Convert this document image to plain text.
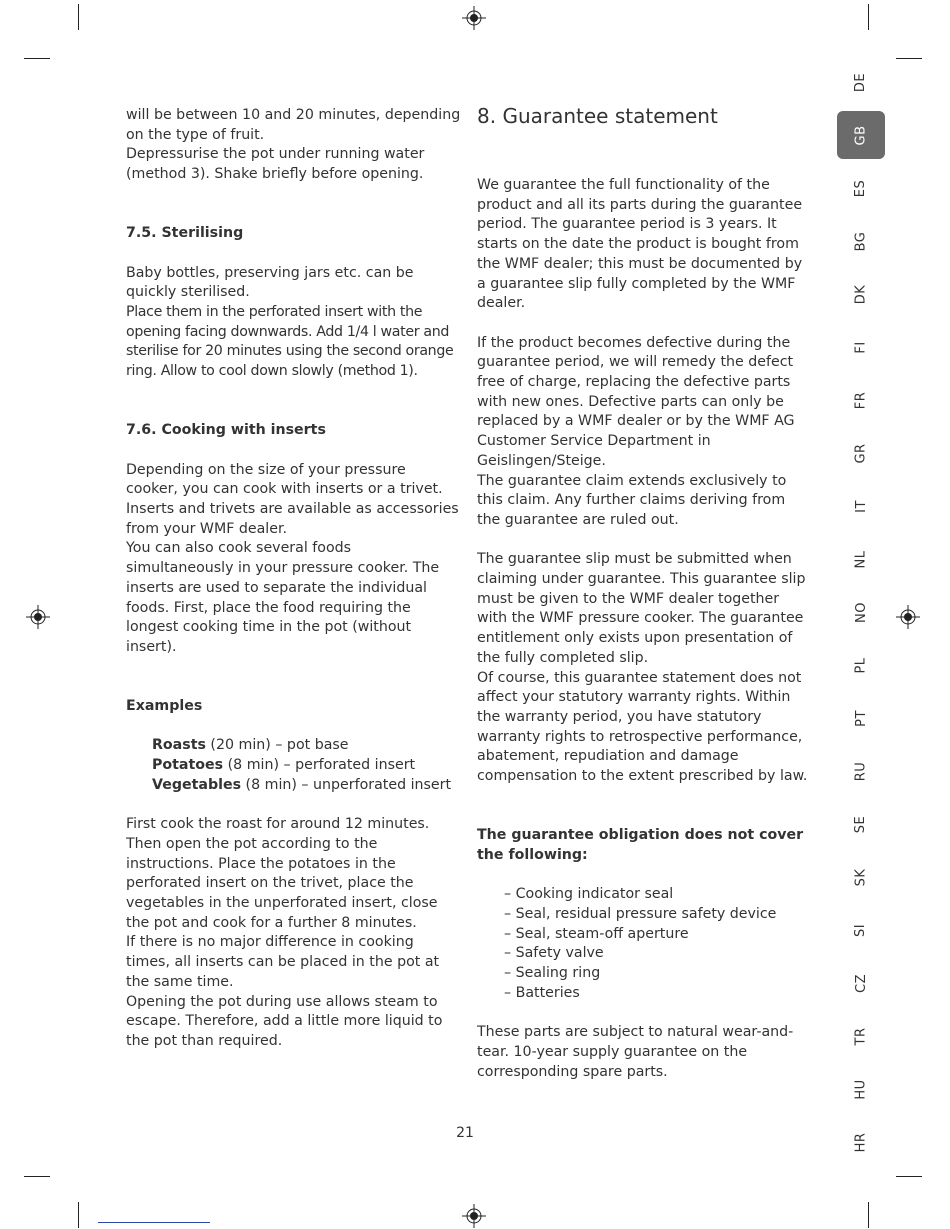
will be between 10 and 20 minutes, depending on the type of fruit.

Depressurise the pot under running water (method 3). Shake briefly before opening.

7.5. Sterilising

Baby bottles, preserving jars etc. can be quickly sterilised.

Place them in the perforated insert with the opening facing downwards. Add 1/4 l water and sterilise for 20 minutes using the second orange ring. Allow to cool down slowly (method 1).

7.6. Cooking with inserts

Depending on the size of your pressure cooker, you can cook with inserts or a trivet. Inserts and trivets are available as accessories from your WMF dealer.

You can also cook several foods simultaneously in your pressure cooker. The inserts are used to separate the individual foods. First, place the food requiring the longest cooking time in the pot (without insert).

Examples

Roasts (20 min) – pot base

Potatoes (8 min) – perforated insert

Vegetables (8 min) – unperforated insert

First cook the roast for around 12 minutes. Then open the pot according to the instructions. Place the potatoes in the perforated insert on the trivet, place the vegetables in the unperforated insert, close the pot and cook for a further 8 minutes.

If there is no major difference in cooking times, all inserts can be placed in the pot at the same time.

Opening the pot during use allows steam to escape. Therefore, add a little more liquid to the pot than required.

8. Guarantee statement

We guarantee the full functionality of the product and all its parts during the guarantee period. The guarantee period is 3 years. It starts on the date the product is bought from the WMF dealer; this must be documented by a guarantee slip fully completed by the WMF dealer.

If the product becomes defective during the guarantee period, we will remedy the defect free of charge, replacing the defective parts with new ones. Defective parts can only be replaced by a WMF dealer or by the WMF AG Customer Service Department in Geislingen/Steige.

The guarantee claim extends exclusively to this claim. Any further claims deriving from the guarantee are ruled out.

The guarantee slip must be submitted when claiming under guarantee. This guarantee slip must be given to the WMF dealer together with the WMF pressure cooker. The guarantee entitlement only exists upon presentation of the fully completed slip.

Of course, this guarantee statement does not affect your statutory warranty rights. Within the warranty period, you have statutory warranty rights to retrospective performance, abatement, repudiation and damage compensation to the extent prescribed by law.

The guarantee obligation does not cover the following:

– Cooking indicator seal
– Seal, residual pressure safety device
– Seal, steam-off aperture
– Safety valve
– Sealing ring
– Batteries

These parts are subject to natural wear-and-tear. 10-year supply guarantee on the corresponding spare parts.

21
DE
GB
ES
BG
DK
FI
FR
GR
IT
NL
NO
PL
PT
RU
SE
SK
SI
CZ
TR
HU
HR
